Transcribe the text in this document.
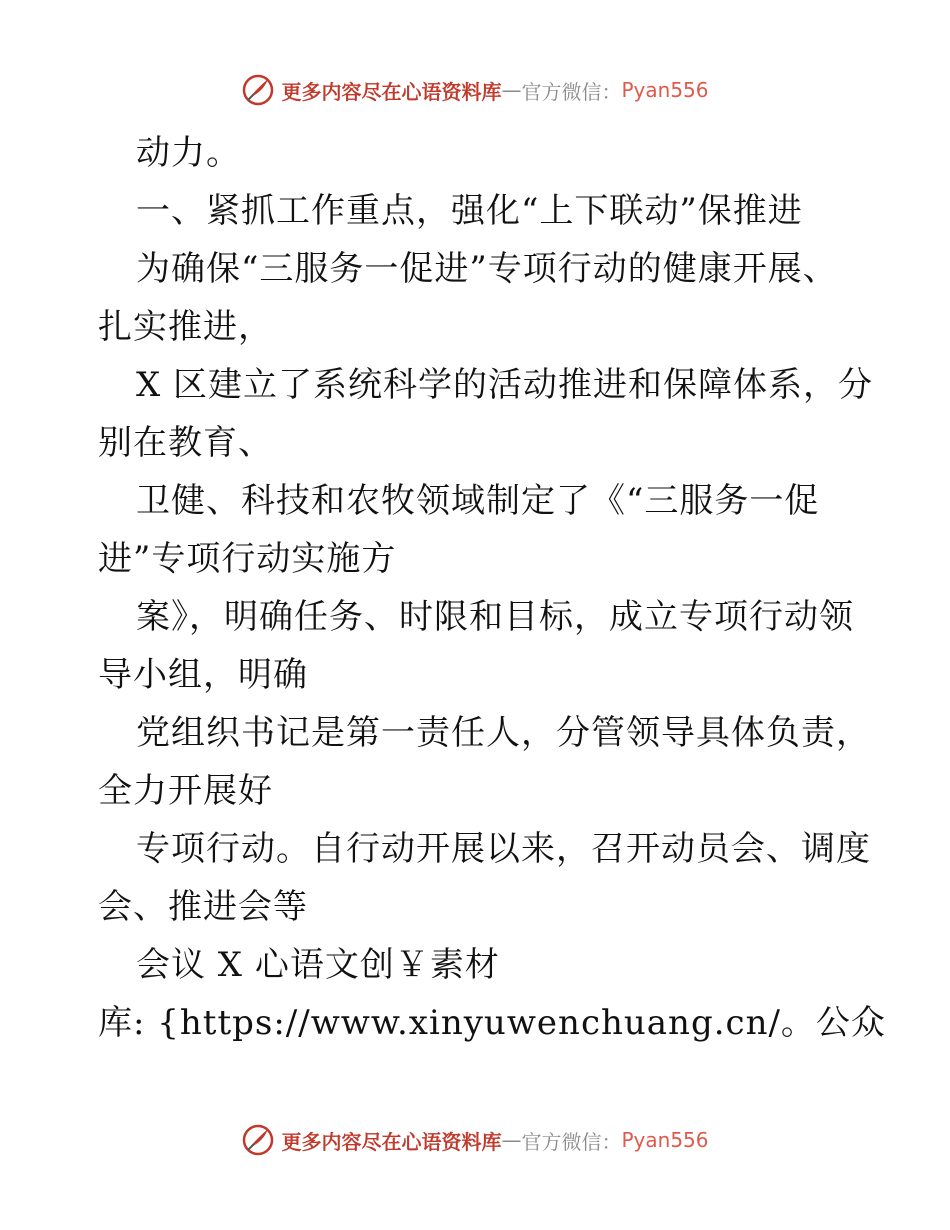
更多内容尽在心语资料库 — 官方微信： Pyan556
动力。
一、紧抓工作重点，强化“上下联动”保推进
为确保“三服务一促进”专项行动的健康开展、
扎实推进，
X 区建立了系统科学的活动推进和保障体系，分
别在教育、
卫健、科技和农牧领域制定了《“三服务一促
进”专项行动实施方
案》，明确任务、时限和目标，成立专项行动领
导小组，明确
党组织书记是第一责任人，分管领导具体负责，
全力开展好
专项行动。自行动开展以来，召开动员会、调度
会、推进会等
会议 X 心语文创￥素材
库: {https://www.xinyuwenchuang.cn/。公众
更多内容尽在心语资料库 — 官方微信： Pyan556
